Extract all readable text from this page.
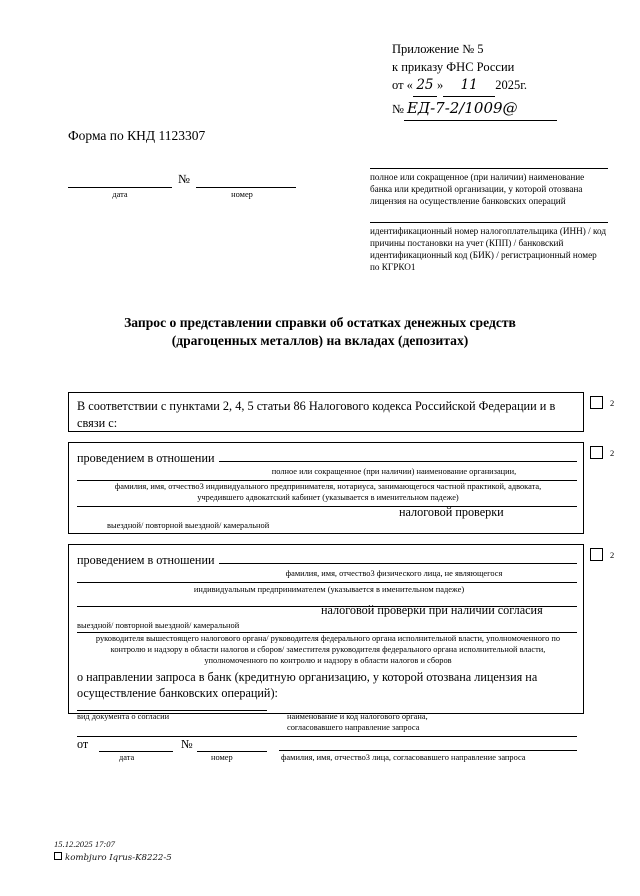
Приложение № 5
к приказу ФНС России
от « 25 »	11	2025 г.
№ ЕД-7-2/1009@
Форма по КНД 1123307
№
дата	номер
полное или сокращенное (при наличии) наименование банка или кредитной организации, у которой отозвана лицензия на осуществление банковских операций
идентификационный номер налогоплательщика (ИНН) / код причины постановки на учет (КПП) / банковский идентификационный код (БИК) / регистрационный номер по КГРКО1
Запрос о представлении справки об остатках денежных средств (драгоценных металлов) на вкладах (депозитах)
В соответствии с пунктами 2, 4, 5 статьи 86 Налогового кодекса Российской Федерации и в связи с:
2
проведением в отношении
полное или сокращенное (при наличии) наименование организации,
фамилия, имя, отчество3 индивидуального предпринимателя, нотариуса, занимающегося частной практикой, адвоката, учредившего адвокатский кабинет (указывается в именительном падеже)
налоговой проверки
выездной/ повторной выездной/ камеральной
2
проведением в отношении
фамилия, имя, отчество3 физического лица, не являющегося
индивидуальным предпринимателем (указывается в именительном падеже)
налоговой проверки при наличии согласия
выездной/ повторной выездной/ камеральной
руководителя вышестоящего налогового органа/ руководителя федерального органа исполнительной власти, уполномоченного по контролю и надзору в области налогов и сборов/ заместителя руководителя федерального органа исполнительной власти, уполномоченного по контролю и надзору в области налогов и сборов
о направлении запроса в банк (кредитную организацию, у которой отозвана лицензия на осуществление банковских операций):
вид документа о согласии	наименование и код налогового органа,
согласовавшего направление запроса
от	№
дата	номер	фамилия, имя, отчество3 лица, согласовавшего направление запроса
2
15.12.2025 17:07
kombjuro Iqrus-K8222-5
